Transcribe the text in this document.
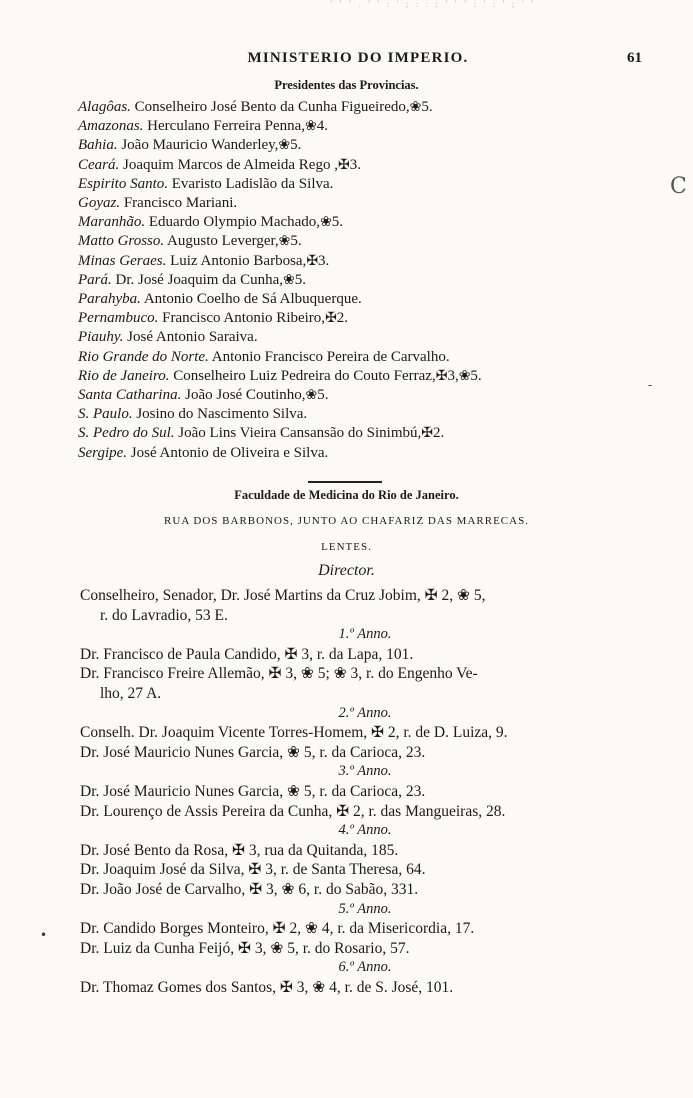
' ' ' . ' ' : ' ; : : ; ' ' ' : ' : ' ; ' '
MINISTERIO DO IMPERIO.	61
Presidentes das Provincias.
Alagôas. Conselheiro José Bento da Cunha Figueiredo,❀5.
Amazonas. Herculano Ferreira Penna,❀4.
Bahia. João Mauricio Wanderley,❀5.
Ceará. Joaquim Marcos de Almeida Rego ,✠3.
Espirito Santo. Evaristo Ladislão da Silva.
Goyaz. Francisco Mariani.
Maranhão. Eduardo Olympio Machado,❀5.
Matto Grosso. Augusto Leverger,❀5.
Minas Geraes. Luiz Antonio Barbosa,✠3.
Pará. Dr. José Joaquim da Cunha,❀5.
Parahyba. Antonio Coelho de Sá Albuquerque.
Pernambuco. Francisco Antonio Ribeiro,✠2.
Piauhy. José Antonio Saraiva.
Rio Grande do Norte. Antonio Francisco Pereira de Carvalho.
Rio de Janeiro. Conselheiro Luiz Pedreira do Couto Ferraz,✠3,❀5.
Santa Catharina. João José Coutinho,❀5.
S. Paulo. Josino do Nascimento Silva.
S. Pedro do Sul. João Lins Vieira Cansansão do Sinimbú,✠2.
Sergipe. José Antonio de Oliveira e Silva.
Faculdade de Medicina do Rio de Janeiro.
RUA DOS BARBONOS, JUNTO AO CHAFARIZ DAS MARRECAS.
LENTES.
Director.
Conselheiro, Senador, Dr. José Martins da Cruz Jobim, ✠ 2, ❀ 5,
r. do Lavradio, 53 E.
1.º Anno.
Dr. Francisco de Paula Candido, ✠ 3, r. da Lapa, 101.
Dr. Francisco Freire Allemão, ✠ 3, ❀ 5; ❀ 3, r. do Engenho Ve-
lho, 27 A.
2.º Anno.
Conselh. Dr. Joaquim Vicente Torres-Homem, ✠ 2, r. de D. Luiza, 9.
Dr. José Mauricio Nunes Garcia, ❀ 5, r. da Carioca, 23.
3.º Anno.
Dr. José Mauricio Nunes Garcia, ❀ 5, r. da Carioca, 23.
Dr. Lourenço de Assis Pereira da Cunha, ✠ 2, r. das Mangueiras, 28.
4.º Anno.
Dr. José Bento da Rosa, ✠ 3, rua da Quitanda, 185.
Dr. Joaquim José da Silva, ✠ 3, r. de Santa Theresa, 64.
Dr. João José de Carvalho, ✠ 3, ❀ 6, r. do Sabão, 331.
5.º Anno.
Dr. Candido Borges Monteiro, ✠ 2, ❀ 4, r. da Misericordia, 17.
Dr. Luiz da Cunha Feijó, ✠ 3, ❀ 5, r. do Rosario, 57.
6.º Anno.
Dr. Thomaz Gomes dos Santos, ✠ 3, ❀ 4, r. de S. José, 101.
C
-
•
